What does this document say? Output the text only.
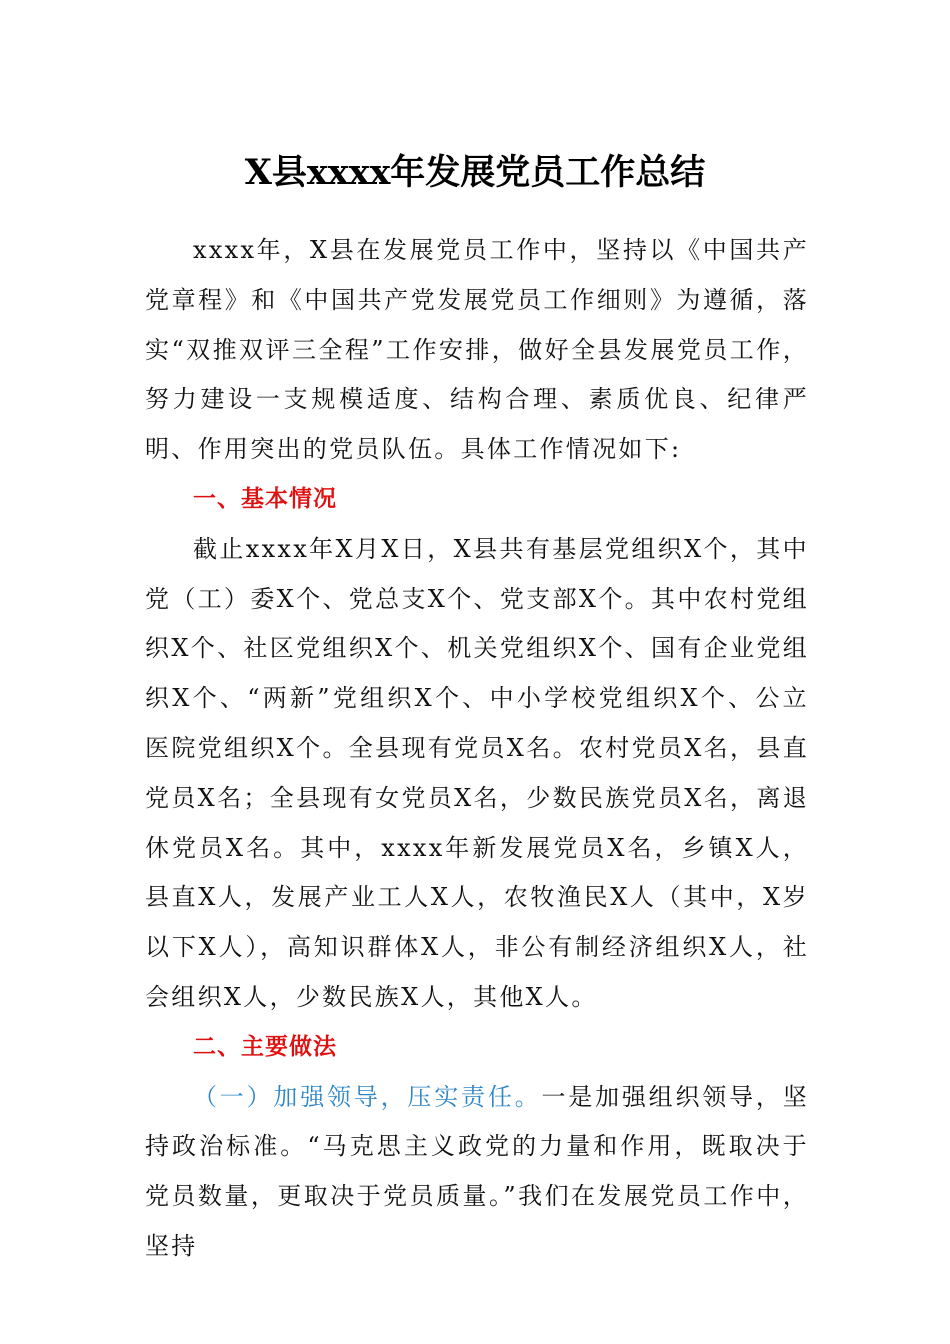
X县xxxx年发展党员工作总结

xxxx年，X县在发展党员工作中，坚持以《中国共产党章程》和《中国共产党发展党员工作细则》为遵循，落实“双推双评三全程”工作安排，做好全县发展党员工作，努力建设一支规模适度、结构合理、素质优良、纪律严明、作用突出的党员队伍。具体工作情况如下:

一、基本情况

截止xxxx年X月X日，X县共有基层党组织X个，其中党（工）委X个、党总支X个、党支部X个。其中农村党组织X个、社区党组织X个、机关党组织X个、国有企业党组织X个、“两新”党组织X个、中小学校党组织X个、公立医院党组织X个。全县现有党员X名。农村党员X名，县直党员X名；全县现有女党员X名，少数民族党员X名，离退休党员X名。其中，xxxx年新发展党员X名，乡镇X人，县直X人，发展产业工人X人，农牧渔民X人（其中，X岁以下X人），高知识群体X人，非公有制经济组织X人，社会组织X人，少数民族X人，其他X人。

二、主要做法

（一）加强领导，压实责任。一是加强组织领导，坚持政治标准。“马克思主义政党的力量和作用，既取决于党员数量，更取决于党员质量。”我们在发展党员工作中，坚持
